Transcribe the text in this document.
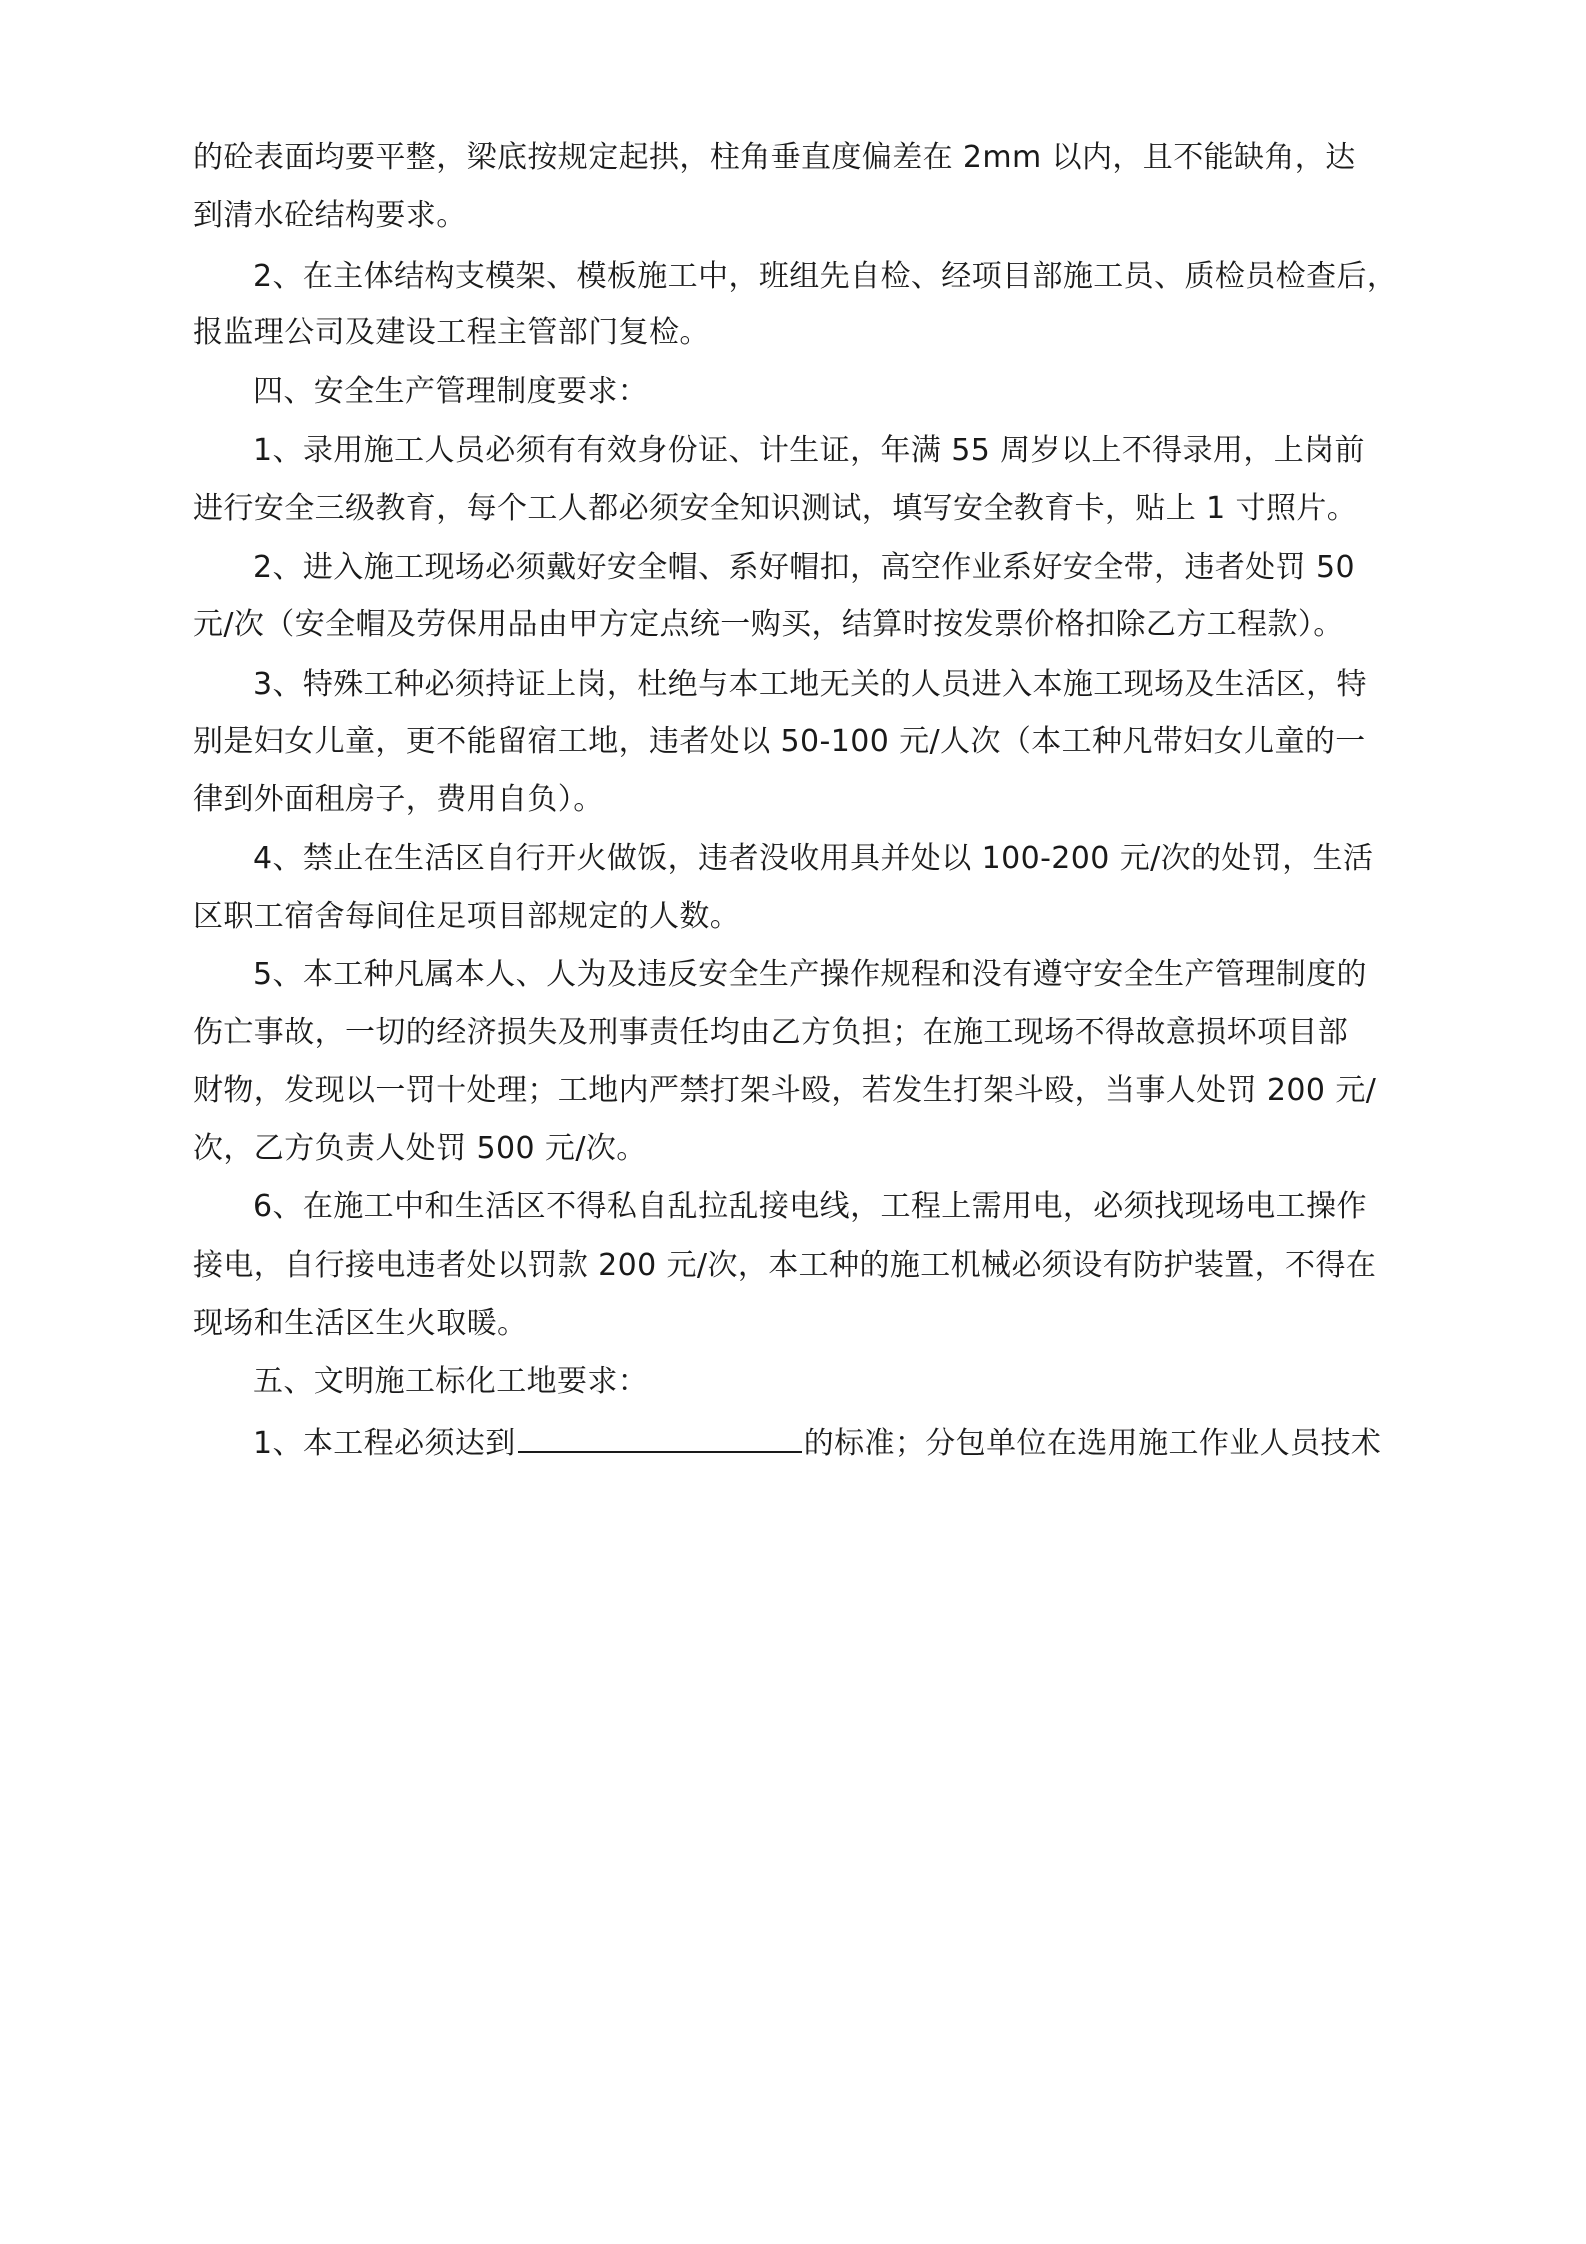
的砼表面均要平整，梁底按规定起拱，柱角垂直度偏差在 2mm 以内，且不能缺角，达
到清水砼结构要求。
2、在主体结构支模架、模板施工中，班组先自检、经项目部施工员、质检员检查后，
报监理公司及建设工程主管部门复检。
四、安全生产管理制度要求：
1、录用施工人员必须有有效身份证、计生证，年满 55 周岁以上不得录用，上岗前
进行安全三级教育，每个工人都必须安全知识测试，填写安全教育卡，贴上 1 寸照片。
2、进入施工现场必须戴好安全帽、系好帽扣，高空作业系好安全带，违者处罚 50
元/次（安全帽及劳保用品由甲方定点统一购买，结算时按发票价格扣除乙方工程款）。
3、特殊工种必须持证上岗，杜绝与本工地无关的人员进入本施工现场及生活区，特
别是妇女儿童，更不能留宿工地，违者处以 50-100 元/人次（本工种凡带妇女儿童的一
律到外面租房子，费用自负）。
4、禁止在生活区自行开火做饭，违者没收用具并处以 100-200 元/次的处罚，生活
区职工宿舍每间住足项目部规定的人数。
5、本工种凡属本人、人为及违反安全生产操作规程和没有遵守安全生产管理制度的
伤亡事故，一切的经济损失及刑事责任均由乙方负担；在施工现场不得故意损坏项目部
财物，发现以一罚十处理；工地内严禁打架斗殴，若发生打架斗殴，当事人处罚 200 元/
次，乙方负责人处罚 500 元/次。
6、在施工中和生活区不得私自乱拉乱接电线，工程上需用电，必须找现场电工操作
接电，自行接电违者处以罚款 200 元/次，本工种的施工机械必须设有防护装置，不得在
现场和生活区生火取暖。
五、文明施工标化工地要求：
1、本工程必须达到	的标准；分包单位在选用施工作业人员技术
